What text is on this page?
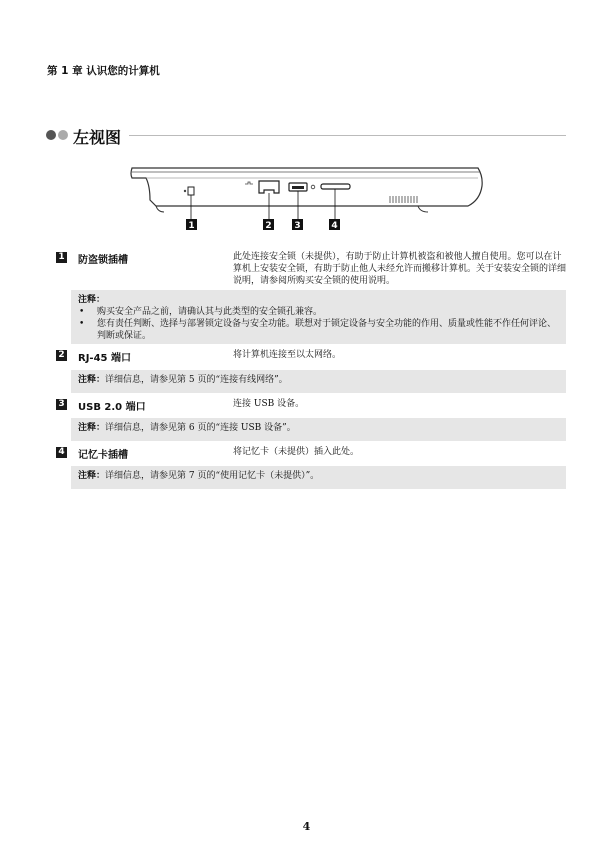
第 1 章 认识您的计算机
左视图
1	2	3	4
1 防盗锁插槽	此处连接安全锁（未提供），有助于防止计算机被盗和被他人擅自使用。您可以在计算机上安装安全锁，有助于防止他人未经允许而搬移计算机。关于安装安全锁的详细说明，请参阅所购买安全锁的使用说明。
注释：
• 购买安全产品之前，请确认其与此类型的安全锁孔兼容。
• 您有责任判断、选择与部署锁定设备与安全功能。联想对于锁定设备与安全功能的作用、质量或性能不作任何评论、判断或保证。
2 RJ-45 端口	将计算机连接至以太网络。
注释：详细信息，请参见第 5 页的“连接有线网络”。
3 USB 2.0 端口	连接 USB 设备。
注释：详细信息，请参见第 6 页的“连接 USB 设备”。
4 记忆卡插槽	将记忆卡（未提供）插入此处。
注释：详细信息，请参见第 7 页的“使用记忆卡（未提供）”。
4
